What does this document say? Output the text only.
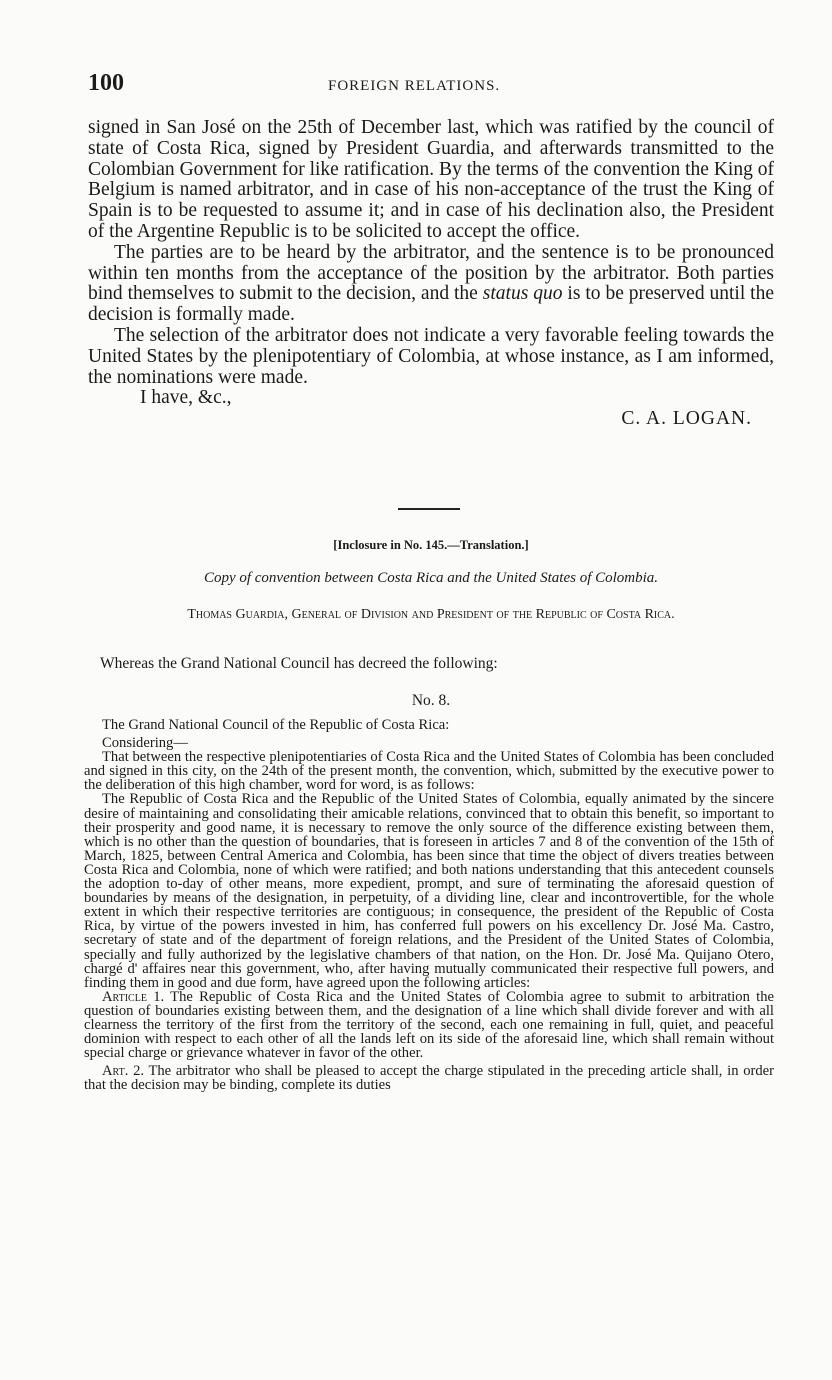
100	FOREIGN RELATIONS.

signed in San José on the 25th of December last, which was ratified by the council of state of Costa Rica, signed by President Guardia, and afterwards transmitted to the Colombian Government for like ratification. By the terms of the convention the King of Belgium is named arbitrator, and in case of his non-acceptance of the trust the King of Spain is to be requested to assume it; and in case of his declination also, the President of the Argentine Republic is to be solicited to accept the office.

The parties are to be heard by the arbitrator, and the sentence is to be pronounced within ten months from the acceptance of the position by the arbitrator. Both parties bind themselves to submit to the decision, and the status quo is to be preserved until the decision is formally made.

The selection of the arbitrator does not indicate a very favorable feeling towards the United States by the plenipotentiary of Colombia, at whose instance, as I am informed, the nominations were made.

I have, &c.,
C. A. LOGAN.
[Inclosure in No. 145.—Translation.]
Copy of convention between Costa Rica and the United States of Colombia.
Thomas Guardia, General of Division and President of the Republic of Costa Rica.
Whereas the Grand National Council has decreed the following:
No. 8.

The Grand National Council of the Republic of Costa Rica:

Considering—

That between the respective plenipotentiaries of Costa Rica and the United States of Colombia has been concluded and signed in this city, on the 24th of the present month, the convention, which, submitted by the executive power to the deliberation of this high chamber, word for word, is as follows:

The Republic of Costa Rica and the Republic of the United States of Colombia, equally animated by the sincere desire of maintaining and consolidating their amicable relations, convinced that to obtain this benefit, so important to their prosperity and good name, it is necessary to remove the only source of the difference existing between them, which is no other than the question of boundaries, that is foreseen in articles 7 and 8 of the convention of the 15th of March, 1825, between Central America and Colombia, has been since that time the object of divers treaties between Costa Rica and Colombia, none of which were ratified; and both nations understanding that this antecedent counsels the adoption to-day of other means, more expedient, prompt, and sure of terminating the aforesaid question of boundaries by means of the designation, in perpetuity, of a dividing line, clear and incontrovertible, for the whole extent in which their respective territories are contiguous; in consequence, the president of the Republic of Costa Rica, by virtue of the powers invested in him, has conferred full powers on his excellency Dr. José Ma. Castro, secretary of state and of the department of foreign relations, and the President of the United States of Colombia, specially and fully authorized by the legislative chambers of that nation, on the Hon. Dr. José Ma. Quijano Otero, chargé d' affaires near this government, who, after having mutually communicated their respective full powers, and finding them in good and due form, have agreed upon the following articles:

Article 1. The Republic of Costa Rica and the United States of Colombia agree to submit to arbitration the question of boundaries existing between them, and the designation of a line which shall divide forever and with all clearness the territory of the first from the territory of the second, each one remaining in full, quiet, and peaceful dominion with respect to each other of all the lands left on its side of the aforesaid line, which shall remain without special charge or grievance whatever in favor of the other.

Art. 2. The arbitrator who shall be pleased to accept the charge stipulated in the preceding article shall, in order that the decision may be binding, complete its duties
